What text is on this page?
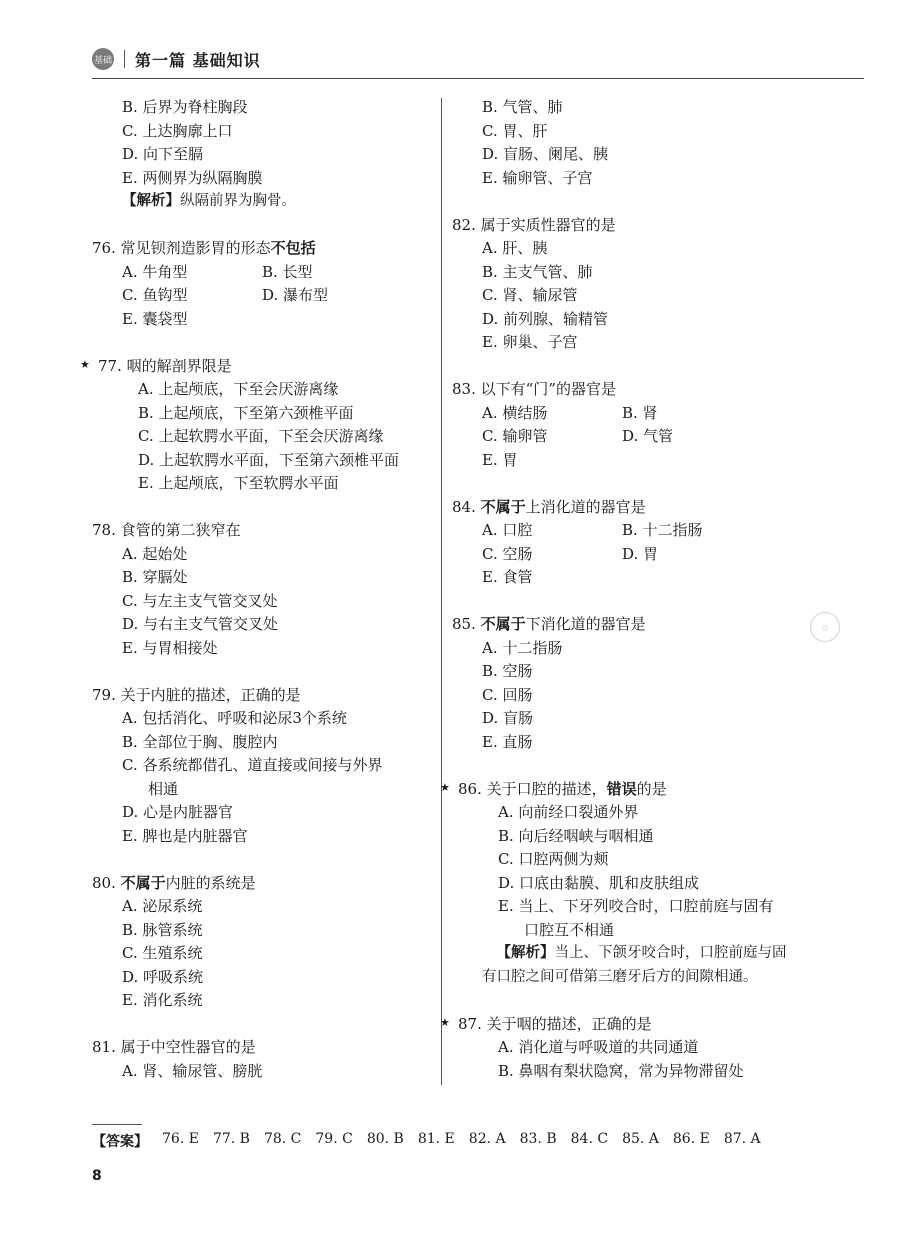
基础 第一篇 基础知识
◎
B. 后界为脊柱胸段
C. 上达胸廓上口
D. 向下至膈
E. 两侧界为纵隔胸膜
【解析】纵隔前界为胸骨。
76. 常见钡剂造影胃的形态不包括
A. 牛角型	B. 长型
C. 鱼钩型	D. 瀑布型
E. 囊袋型
★ 77. 咽的解剖界限是
A. 上起颅底，下至会厌游离缘
B. 上起颅底，下至第六颈椎平面
C. 上起软腭水平面，下至会厌游离缘
D. 上起软腭水平面，下至第六颈椎平面
E. 上起颅底，下至软腭水平面
78. 食管的第二狭窄在
A. 起始处
B. 穿膈处
C. 与左主支气管交叉处
D. 与右主支气管交叉处
E. 与胃相接处
79. 关于内脏的描述，正确的是
A. 包括消化、呼吸和泌尿3个系统
B. 全部位于胸、腹腔内
C. 各系统都借孔、道直接或间接与外界
相通
D. 心是内脏器官
E. 脾也是内脏器官
80. 不属于内脏的系统是
A. 泌尿系统
B. 脉管系统
C. 生殖系统
D. 呼吸系统
E. 消化系统
81. 属于中空性器官的是
A. 肾、输尿管、膀胱
B. 气管、肺
C. 胃、肝
D. 盲肠、阑尾、胰
E. 输卵管、子宫
82. 属于实质性器官的是
A. 肝、胰
B. 主支气管、肺
C. 肾、输尿管
D. 前列腺、输精管
E. 卵巢、子宫
83. 以下有“门”的器官是
A. 横结肠	B. 肾
C. 输卵管	D. 气管
E. 胃
84. 不属于上消化道的器官是
A. 口腔	B. 十二指肠
C. 空肠	D. 胃
E. 食管
85. 不属于下消化道的器官是
A. 十二指肠
B. 空肠
C. 回肠
D. 盲肠
E. 直肠
★ 86. 关于口腔的描述，错误的是
A. 向前经口裂通外界
B. 向后经咽峡与咽相通
C. 口腔两侧为颊
D. 口底由黏膜、肌和皮肤组成
E. 当上、下牙列咬合时，口腔前庭与固有
口腔互不相通
【解析】当上、下颌牙咬合时，口腔前庭与固有口腔之间可借第三磨牙后方的间隙相通。
★ 87. 关于咽的描述，正确的是
A. 消化道与呼吸道的共同通道
B. 鼻咽有梨状隐窝，常为异物滞留处
【答案】 76. E 77. B 78. C 79. C 80. B 81. E 82. A 83. B 84. C 85. A 86. E 87. A
8
